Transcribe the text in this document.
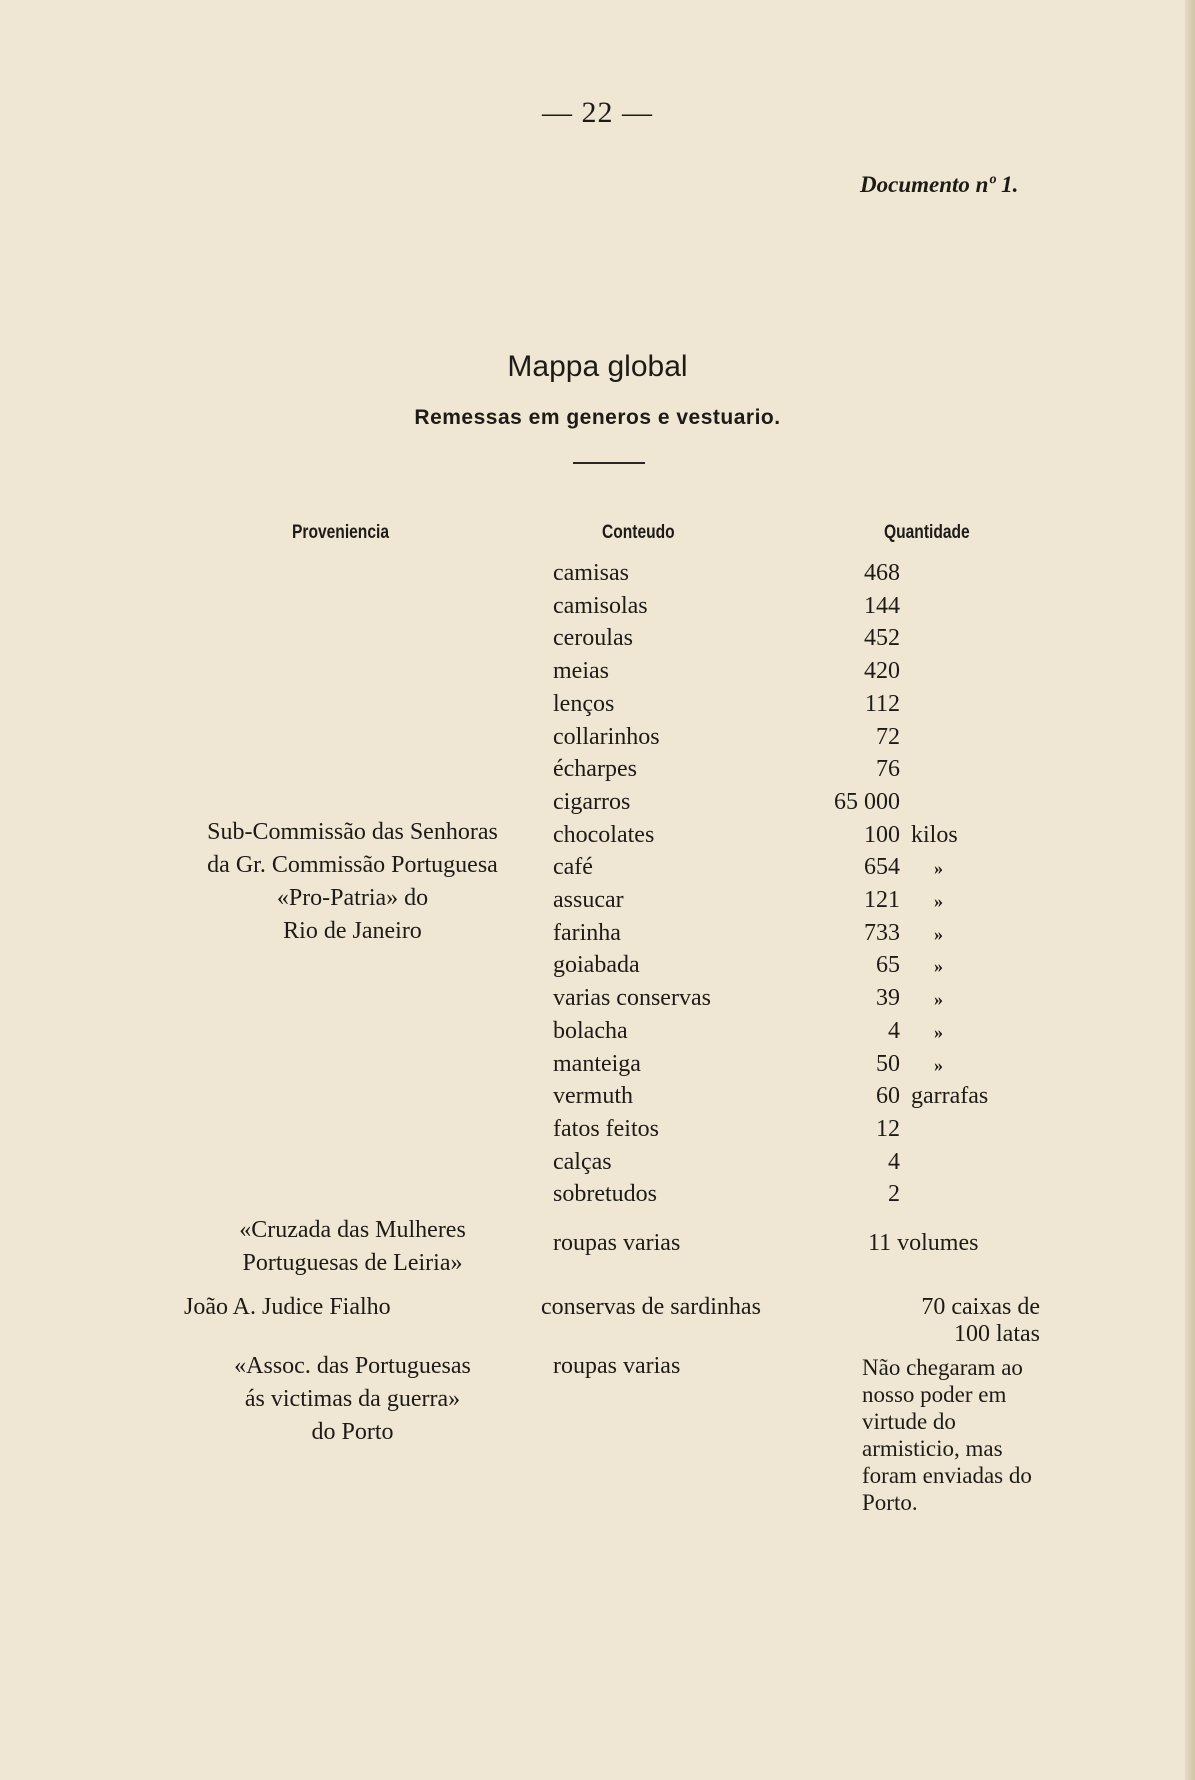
— 22 —
Documento nº 1.
Mappa global
Remessas em generos e vestuario.
Proveniencia	Conteudo	Quantidade
Sub-Commissão das Senhoras
da Gr. Commissão Portuguesa
«Pro-Patria» do
Rio de Janeiro
camisas	468
camisolas	144
ceroulas	452
meias	420
lenços	112
collarinhos	72
écharpes	76
cigarros	65 000
chocolates	100 kilos
café	654 »
assucar	121 »
farinha	733 »
goiabada	65 »
varias conservas	39 »
bolacha	4 »
manteiga	50 »
vermuth	60 garrafas
fatos feitos	12
calças	4
sobretudos	2
«Cruzada das Mulheres
Portuguesas de Leiria»
roupas varias	11 volumes
João A. Judice Fialho	conservas de sardinhas	70 caixas de
100 latas
«Assoc. das Portuguesas
ás victimas da guerra»
do Porto
roupas varias	Não chegaram ao nosso poder em virtude do armisticio, mas foram enviadas do Porto.
